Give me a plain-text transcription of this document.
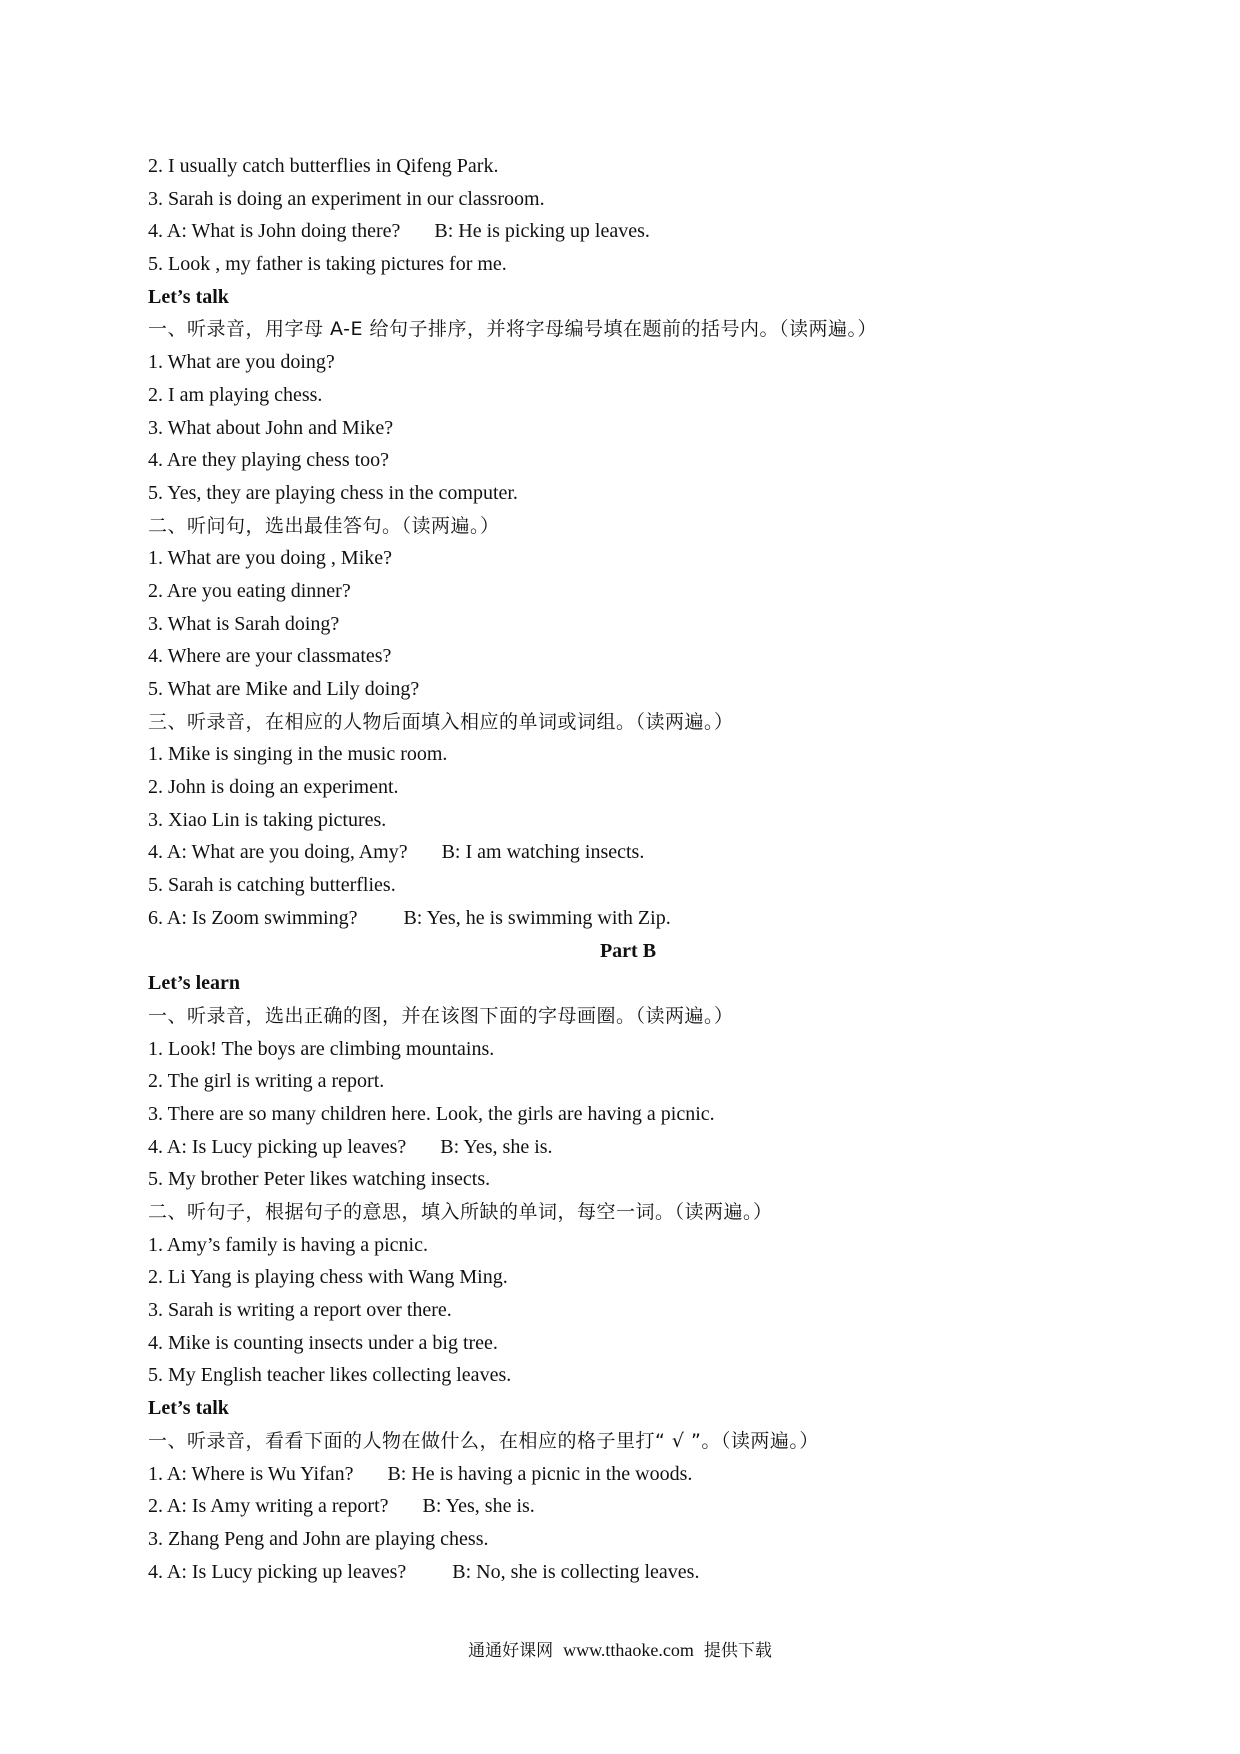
2. I usually catch butterflies in Qifeng Park.
3. Sarah is doing an experiment in our classroom.
4. A: What is John doing there? B: He is picking up leaves.
5. Look , my father is taking pictures for me.
Let’s talk
一、听录音，用字母 A-E 给句子排序，并将字母编号填在题前的括号内。（读两遍。）
1. What are you doing?
2. I am playing chess.
3. What about John and Mike?
4. Are they playing chess too?
5. Yes, they are playing chess in the computer.
二、听问句，选出最佳答句。（读两遍。）
1. What are you doing , Mike?
2. Are you eating dinner?
3. What is Sarah doing?
4. Where are your classmates?
5. What are Mike and Lily doing?
三、听录音，在相应的人物后面填入相应的单词或词组。（读两遍。）
1. Mike is singing in the music room.
2. John is doing an experiment.
3. Xiao Lin is taking pictures.
4. A: What are you doing, Amy? B: I am watching insects.
5. Sarah is catching butterflies.
6. A: Is Zoom swimming? B: Yes, he is swimming with Zip.
Part B
Let’s learn
一、听录音，选出正确的图，并在该图下面的字母画圈。（读两遍。）
1. Look! The boys are climbing mountains.
2. The girl is writing a report.
3. There are so many children here. Look, the girls are having a picnic.
4. A: Is Lucy picking up leaves? B: Yes, she is.
5. My brother Peter likes watching insects.
二、听句子，根据句子的意思，填入所缺的单词，每空一词。（读两遍。）
1. Amy’s family is having a picnic.
2. Li Yang is playing chess with Wang Ming.
3. Sarah is writing a report over there.
4. Mike is counting insects under a big tree.
5. My English teacher likes collecting leaves.
Let’s talk
一、听录音，看看下面的人物在做什么，在相应的格子里打“ √ ”。（读两遍。）
1. A: Where is Wu Yifan? B: He is having a picnic in the woods.
2. A: Is Amy writing a report? B: Yes, she is.
3. Zhang Peng and John are playing chess.
4. A: Is Lucy picking up leaves? B: No, she is collecting leaves.
通通好课网 www.tthaoke.com 提供下载
